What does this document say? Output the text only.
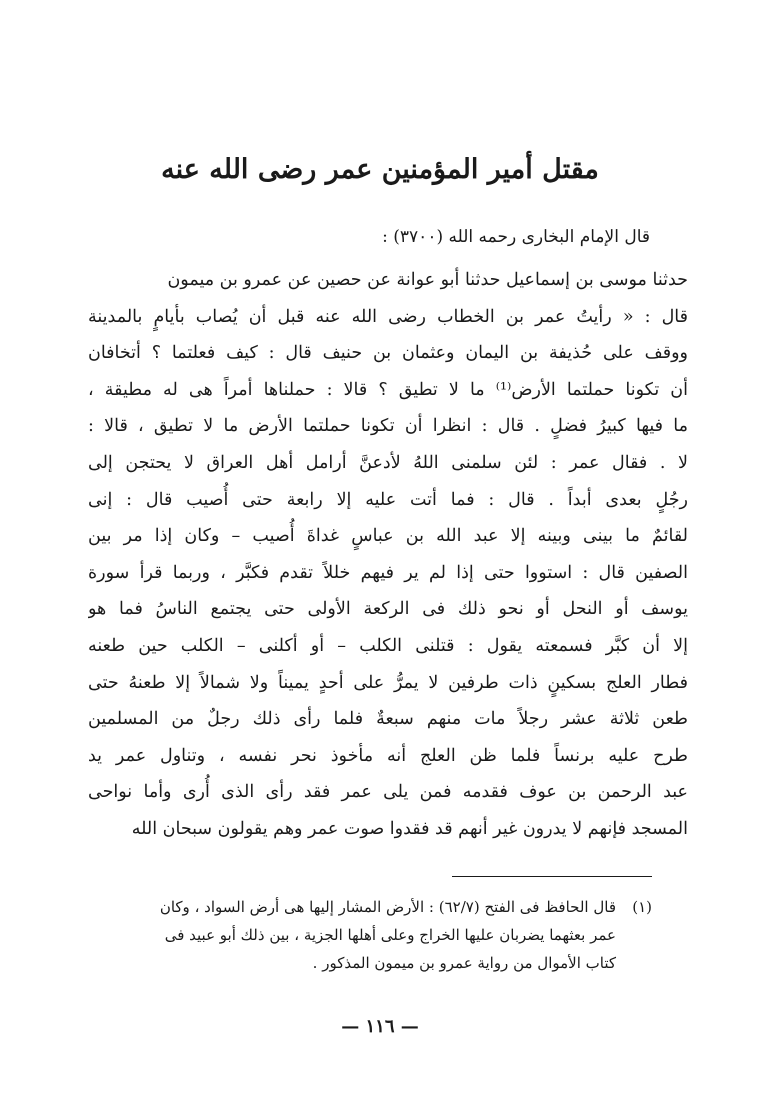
مقتل أمير المؤمنين عمر رضى الله عنه
قال الإمام البخارى رحمه الله (٣٧٠٠) :
حدثنا موسى بن إسماعيل حدثنا أبو عوانة عن حصين عن عمرو بن ميمون
قال : « رأيتُ عمر بن الخطاب رضى الله عنه قبل أن يُصاب بأيامٍ بالمدينة
ووقف على حُذيفة بن اليمان وعثمان بن حنيف قال : كيف فعلتما ؟ أتخافان
أن تكونا حملتما الأرض⁽¹⁾ ما لا تطيق ؟ قالا : حملناها أمراً هى له مطيقة ،
ما فيها كبيرُ فضلٍ . قال : انظرا أن تكونا حملتما الأرض ما لا تطيق ، قالا :
لا . فقال عمر : لئن سلمنى اللهُ لأدعنَّ أرامل أهل العراق لا يحتجن إلى
رجُلٍ بعدى أبداً . قال : فما أتت عليه إلا رابعة حتى أُصيب قال : إنى
لقائمٌ ما بينى وبينه إلا عبد الله بن عباسٍ غداةَ أُصيب – وكان إذا مر بين
الصفين قال : استووا حتى إذا لم ير فيهم خللاً تقدم فكبَّر ، وربما قرأ سورة
يوسف أو النحل أو نحو ذلك فى الركعة الأولى حتى يجتمع الناسُ فما هو
إلا أن كبَّر فسمعته يقول : قتلنى الكلب – أو أكلنى – الكلب حين طعنه
فطار العلج بسكينٍ ذات طرفين لا يمرُّ على أحدٍ يميناً ولا شمالاً إلا طعنهُ حتى
طعن ثلاثة عشر رجلاً مات منهم سبعةٌ فلما رأى ذلك رجلٌ من المسلمين
طرح عليه برنساً فلما ظن العلج أنه مأخوذ نحر نفسه ، وتناول عمر يد
عبد الرحمن بن عوف فقدمه فمن يلى عمر فقد رأى الذى أُرى وأما نواحى
المسجد فإنهم لا يدرون غير أنهم قد فقدوا صوت عمر وهم يقولون سبحان الله
(١)قال الحافظ فى الفتح (٦٢/٧) : الأرض المشار إليها هى أرض السواد ، وكان
عمر بعثهما يضربان عليها الخراج وعلى أهلها الجزية ، بين ذلك أبو عبيد فى
كتاب الأموال من رواية عمرو بن ميمون المذكور .
— ١١٦ —
